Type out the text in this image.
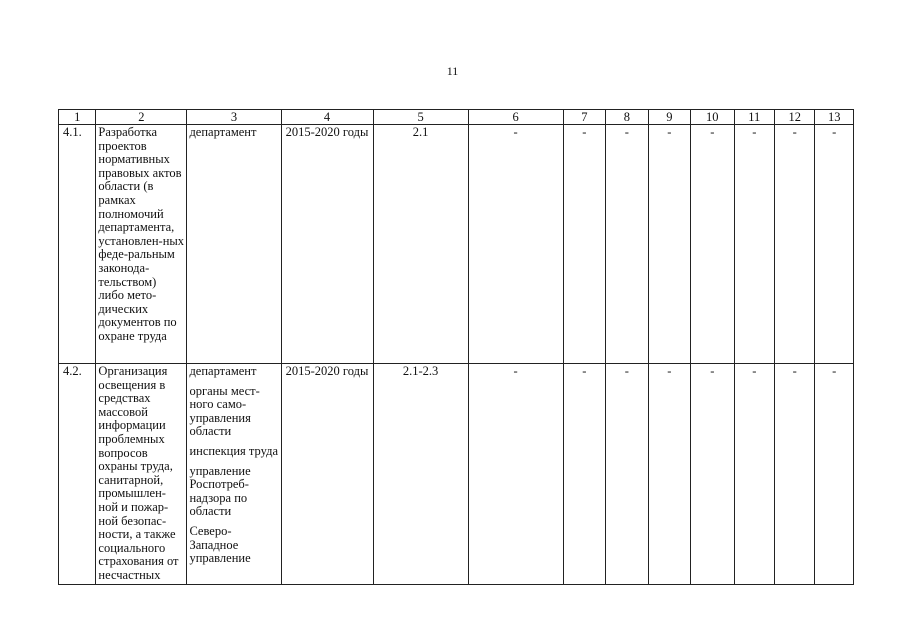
11
1	2	3	4	5	6	7	8	9	10	11	12	13
4.1.	Разработка проектов нормативных правовых актов области (в рамках полномочий департамента, установлен-ных феде-ральным законода-тельством) либо мето-дических документов по охране труда	департамент	2015-2020 годы	2.1	-	-	-	-	-	-	-	-
4.2.	Организация освещения в средствах массовой информации проблемных вопросов охраны труда, санитарной, промышлен-ной и пожар-ной безопас-ности, а также социального страхования от несчастных	департамент
органы мест-ного само-управления области
инспекция труда
управление Роспотреб-надзора по области
Северо-Западное управление	2015-2020 годы	2.1-2.3	-	-	-	-	-	-	-	-
